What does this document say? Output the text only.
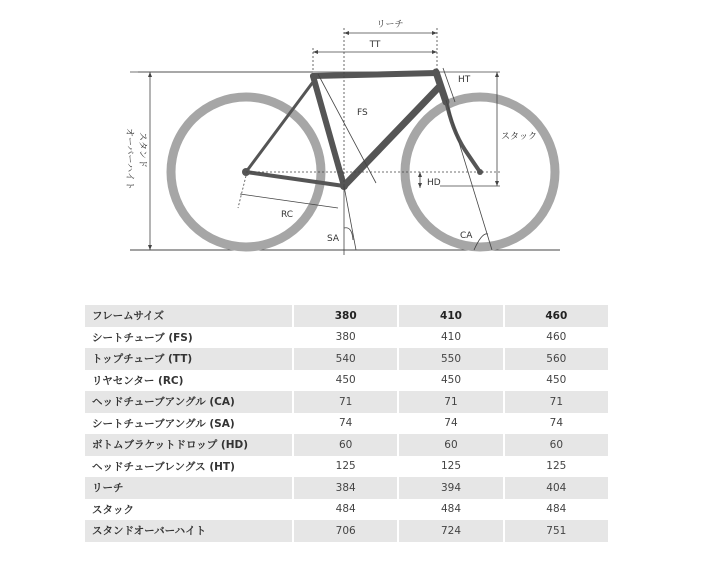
リーチ
TT
FS
HT
スタック
HD
RC
SA	CA
スタンド
オーバーハイト
フレームサイズ	380	410	460
シートチューブ (FS)	380	410	460
トップチューブ (TT)	540	550	560
リヤセンター (RC)	450	450	450
ヘッドチューブアングル (CA)	71	71	71
シートチューブアングル (SA)	74	74	74
ボトムブラケットドロップ (HD)	60	60	60
ヘッドチューブレングス (HT)	125	125	125
リーチ	384	394	404
スタック	484	484	484
スタンドオーバーハイト	706	724	751
